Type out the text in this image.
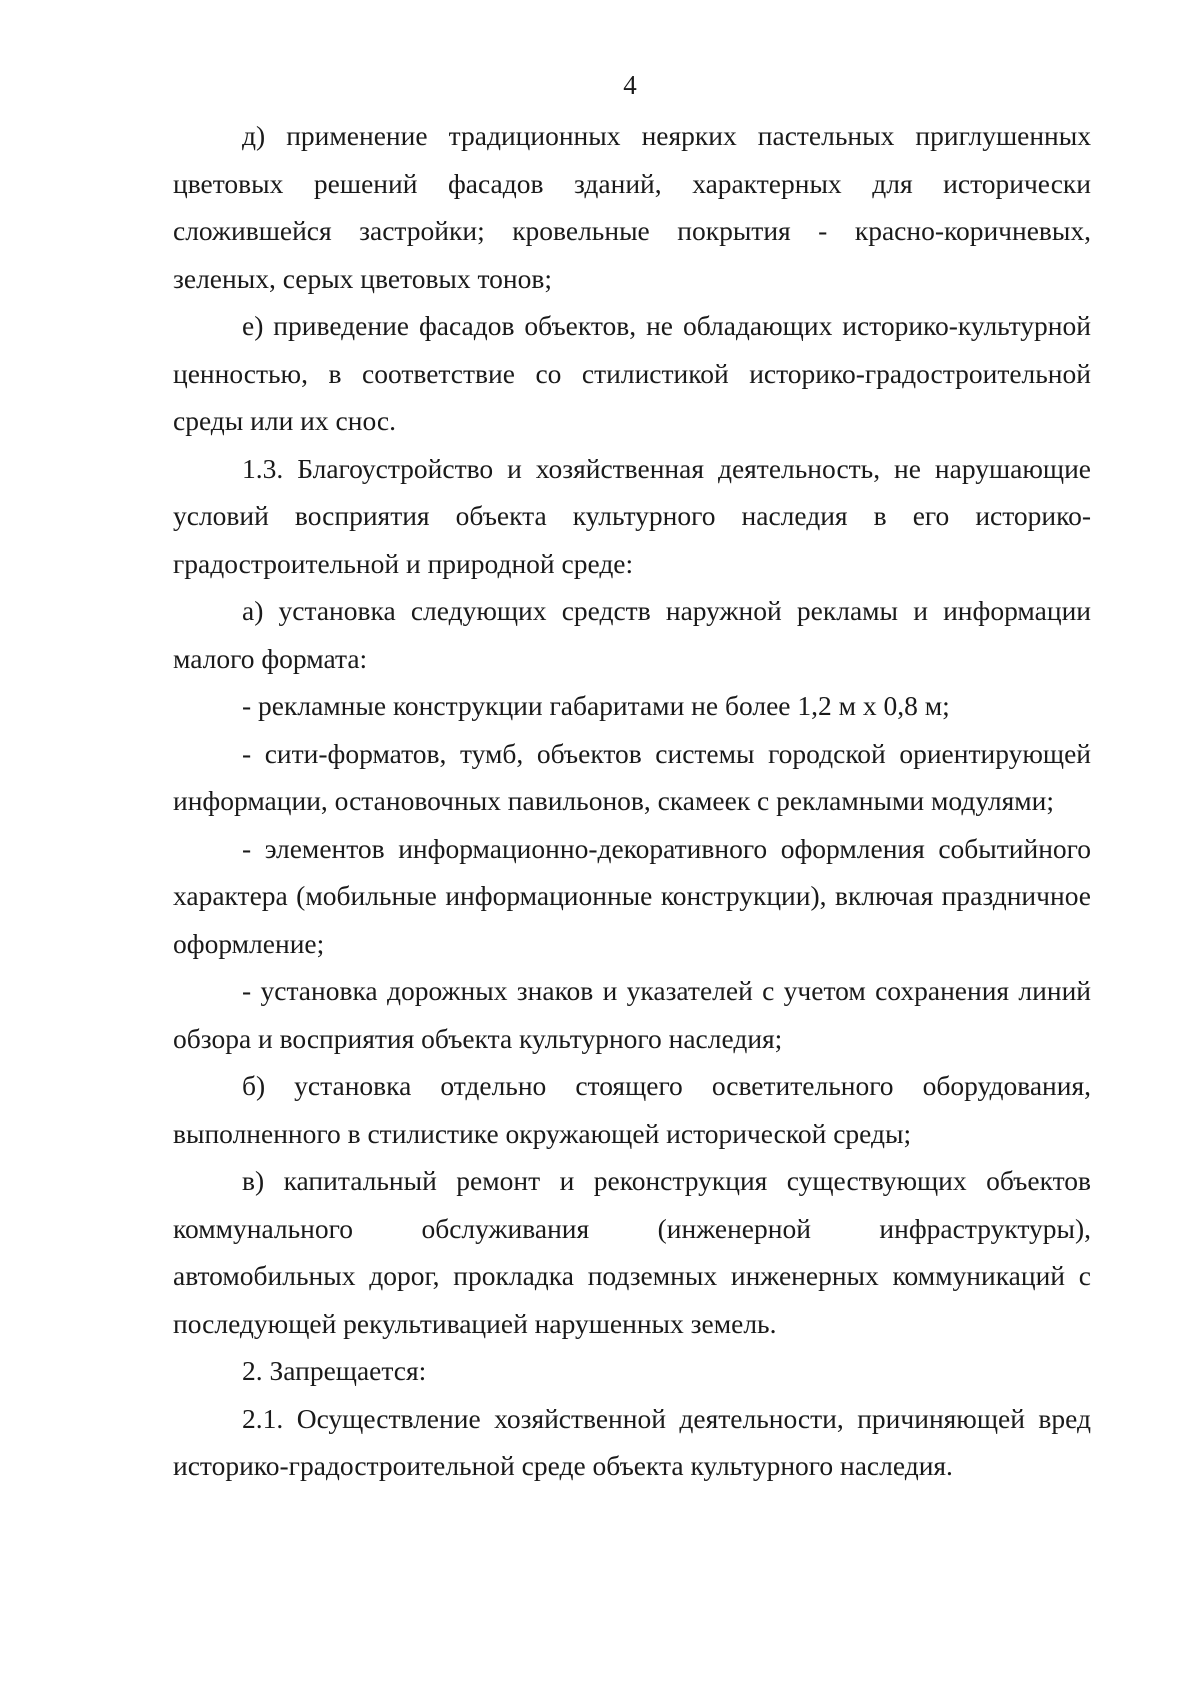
4

д) применение традиционных неярких пастельных приглушенных цветовых решений фасадов зданий, характерных для исторически сложившейся застройки; кровельные покрытия - красно-коричневых, зеленых, серых цветовых тонов;

е) приведение фасадов объектов, не обладающих историко-культурной ценностью, в соответствие со стилистикой историко-градостроительной среды или их снос.

1.3. Благоустройство и хозяйственная деятельность, не нарушающие условий восприятия объекта культурного наследия в его историко-градостроительной и природной среде:

а) установка следующих средств наружной рекламы и информации малого формата:

- рекламные конструкции габаритами не более 1,2 м х 0,8 м;

- сити-форматов, тумб, объектов системы городской ориентирующей информации, остановочных павильонов, скамеек с рекламными модулями;

- элементов информационно-декоративного оформления событийного характера (мобильные информационные конструкции), включая праздничное оформление;

- установка дорожных знаков и указателей с учетом сохранения линий обзора и восприятия объекта культурного наследия;

б) установка отдельно стоящего осветительного оборудования, выполненного в стилистике окружающей исторической среды;

в) капитальный ремонт и реконструкция существующих объектов коммунального обслуживания (инженерной инфраструктуры), автомобильных дорог, прокладка подземных инженерных коммуникаций с последующей рекультивацией нарушенных земель.

2. Запрещается:

2.1. Осуществление хозяйственной деятельности, причиняющей вред историко-градостроительной среде объекта культурного наследия.
